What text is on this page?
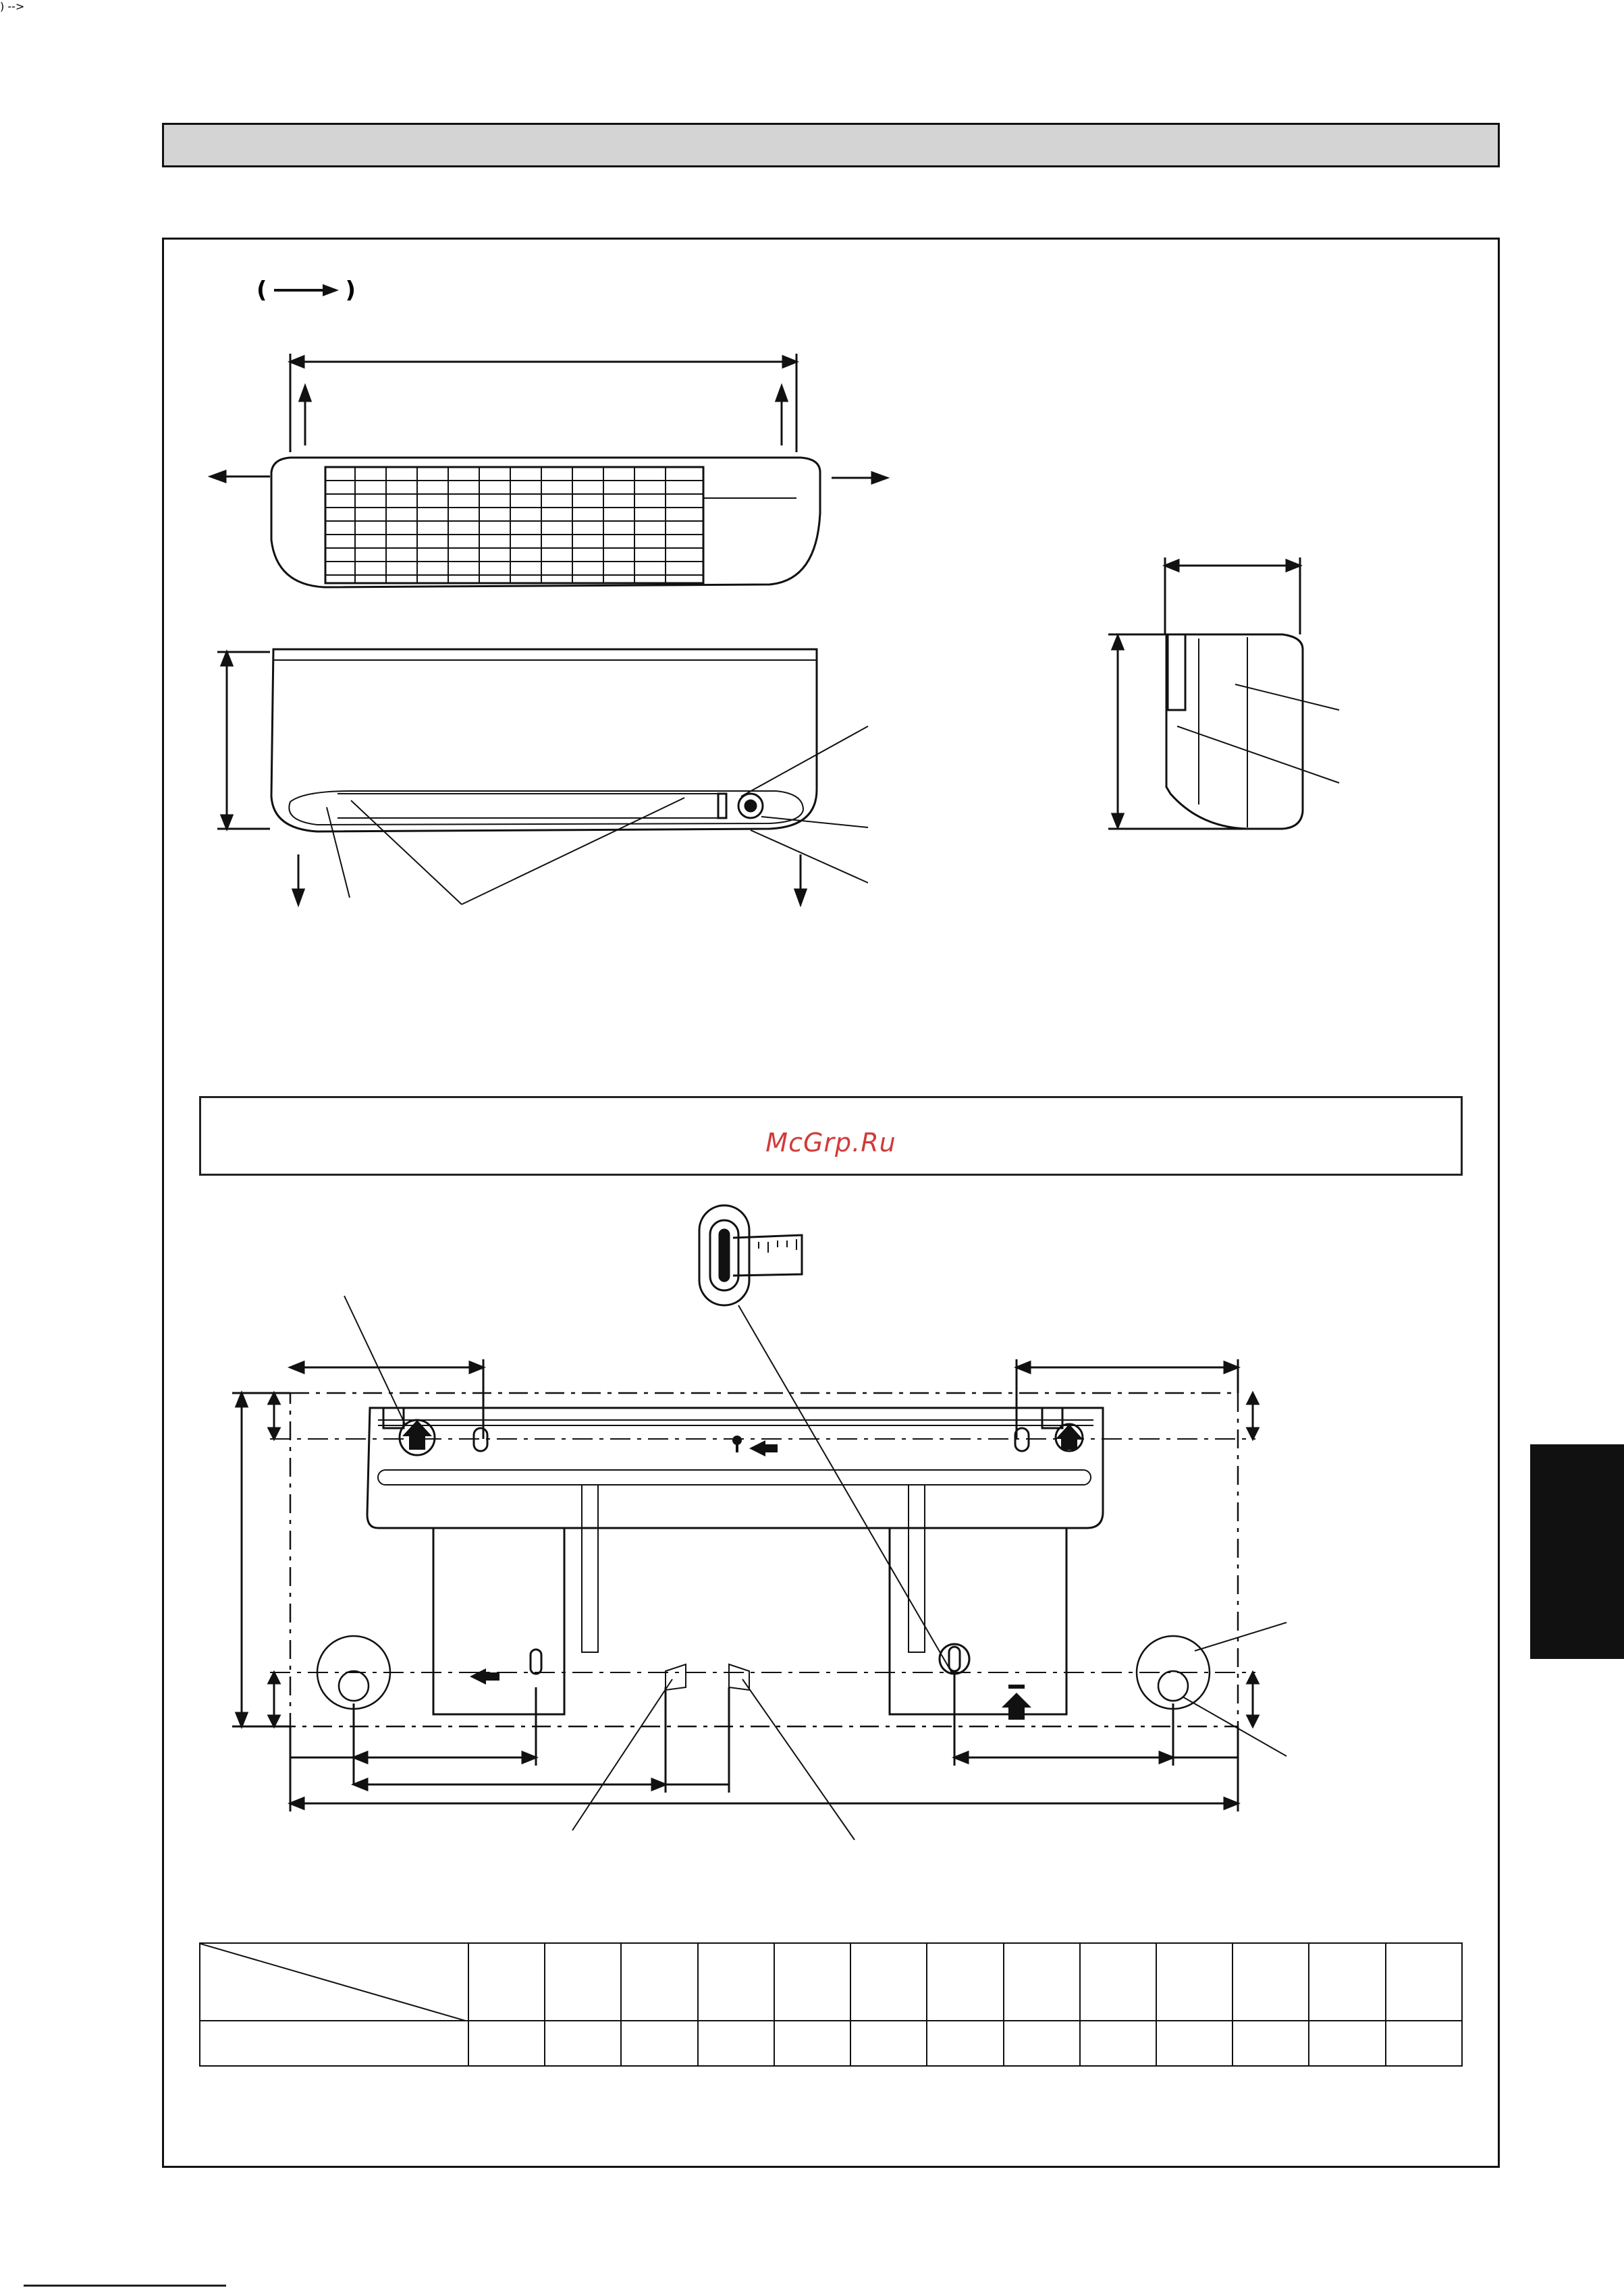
) -->
(	)
McGrp.Ru
